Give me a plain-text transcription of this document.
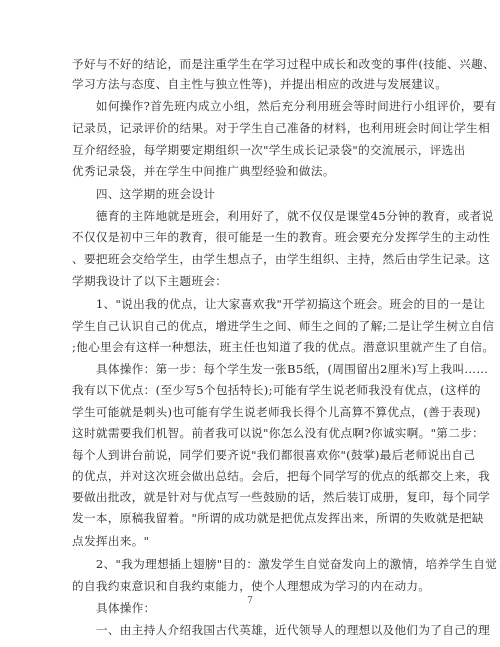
予好与不好的结论，而是注重学生在学习过程中成长和改变的事件(技能、兴趣、
学习方法与态度、自主性与独立性等)，并提出相应的改进与发展建议。
　　如何操作?首先班内成立小组，然后充分利用班会等时间进行小组评价，要有
记录员，记录评价的结果。对于学生自己准备的材料，也利用班会时间让学生相
互介绍经验，每学期要定期组织一次"学生成长记录袋"的交流展示，评选出
优秀记录袋，并在学生中间推广典型经验和做法。
　　四、这学期的班会设计
　　德育的主阵地就是班会，利用好了，就不仅仅是课堂45分钟的教育，或者说
不仅仅是初中三年的教育，很可能是一生的教育。班会要充分发挥学生的主动性
、要把班会交给学生，由学生想点子，由学生组织、主持，然后由学生记录。这
学期我设计了以下主题班会：
　　1、"说出我的优点，让大家喜欢我"开学初搞这个班会。班会的目的一是让
学生自己认识自己的优点，增进学生之间、师生之间的了解;二是让学生树立自信
;他心里会有这样一种想法，班主任也知道了我的优点。潜意识里就产生了自信。
　　具体操作：第一步：每个学生发一张B5纸，(周围留出2厘米)写上我叫……
我有以下优点：(至少写5个包括特长);可能有学生说老师我没有优点，(这样的
学生可能就是刺头)也可能有学生说老师我长得个儿高算不算优点，(善于表现)
这时就需要我们机智。前者我可以说"你怎么没有优点啊?你诚实啊。"第二步：
每个人到讲台前说，同学们要齐说"我们都很喜欢你"(鼓掌)最后老师说出自己
的优点，并对这次班会做出总结。会后，把每个同学写的优点的纸都交上来，我
要做出批改，就是针对与优点写一些鼓励的话，然后装订成册，复印，每个同学
发一本，原稿我留着。"所谓的成功就是把优点发挥出来，所谓的失败就是把缺
点发挥出来。"
　　2、"我为理想插上翅膀"目的：激发学生自觉奋发向上的激情，培养学生自觉
的自我约束意识和自我约束能力，使个人理想成为学习的内在动力。
　　具体操作：
　　一、由主持人介绍我国古代英雄，近代领导人的理想以及他们为了自己的理
7
